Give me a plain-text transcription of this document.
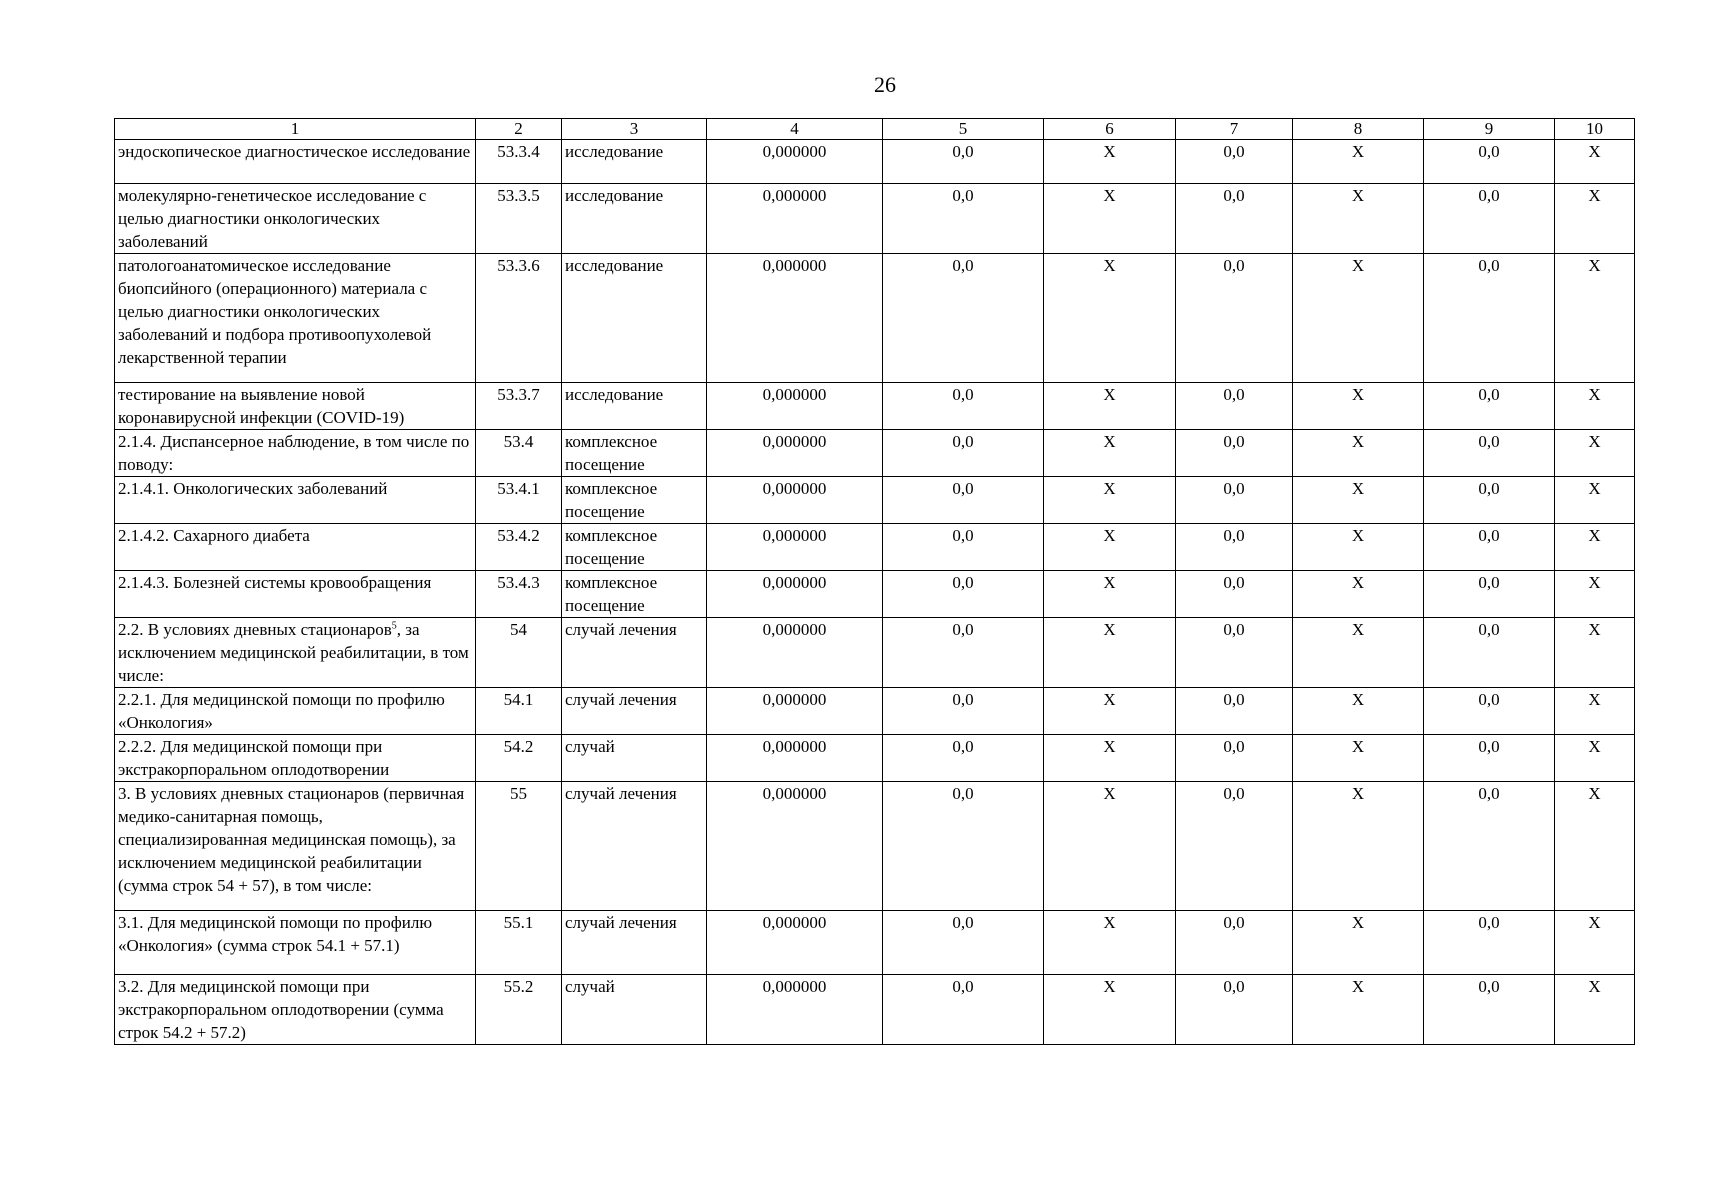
26
1	2	3	4	5	6	7	8	9	10
эндоскопическое диагностическое исследование	53.3.4	исследование	0,000000	0,0	Х	0,0	Х	0,0	Х
молекулярно-генетическое исследование с целью диагностики онкологических заболеваний	53.3.5	исследование	0,000000	0,0	Х	0,0	Х	0,0	Х
патологоанатомическое исследование биопсийного (операционного) материала с целью диагностики онкологических заболеваний и подбора противоопухолевой лекарственной терапии	53.3.6	исследование	0,000000	0,0	Х	0,0	Х	0,0	Х
тестирование на выявление новой коронавирусной инфекции (COVID-19)	53.3.7	исследование	0,000000	0,0	Х	0,0	Х	0,0	Х
2.1.4. Диспансерное наблюдение, в том числе по поводу:	53.4	комплексное посещение	0,000000	0,0	Х	0,0	Х	0,0	Х
2.1.4.1. Онкологических заболеваний	53.4.1	комплексное посещение	0,000000	0,0	Х	0,0	Х	0,0	Х
2.1.4.2. Сахарного диабета	53.4.2	комплексное посещение	0,000000	0,0	Х	0,0	Х	0,0	Х
2.1.4.3. Болезней системы кровообращения	53.4.3	комплексное посещение	0,000000	0,0	Х	0,0	Х	0,0	Х
2.2. В условиях дневных стационаров$^5$, за исключением медицинской реабилитации, в том числе:	54	случай лечения	0,000000	0,0	Х	0,0	Х	0,0	Х
2.2.1. Для медицинской помощи по профилю «Онкология»	54.1	случай лечения	0,000000	0,0	Х	0,0	Х	0,0	Х
2.2.2. Для медицинской помощи при экстракорпоральном оплодотворении	54.2	случай	0,000000	0,0	Х	0,0	Х	0,0	Х
3. В условиях дневных стационаров (первичная медико-санитарная помощь, специализированная медицинская помощь), за исключением медицинской реабилитации (сумма строк 54 + 57), в том числе:	55	случай лечения	0,000000	0,0	Х	0,0	Х	0,0	Х
3.1. Для медицинской помощи по профилю «Онкология» (сумма строк 54.1 + 57.1)	55.1	случай лечения	0,000000	0,0	Х	0,0	Х	0,0	Х
3.2. Для медицинской помощи при экстракорпоральном оплодотворении (сумма строк 54.2 + 57.2)	55.2	случай	0,000000	0,0	Х	0,0	Х	0,0	Х
